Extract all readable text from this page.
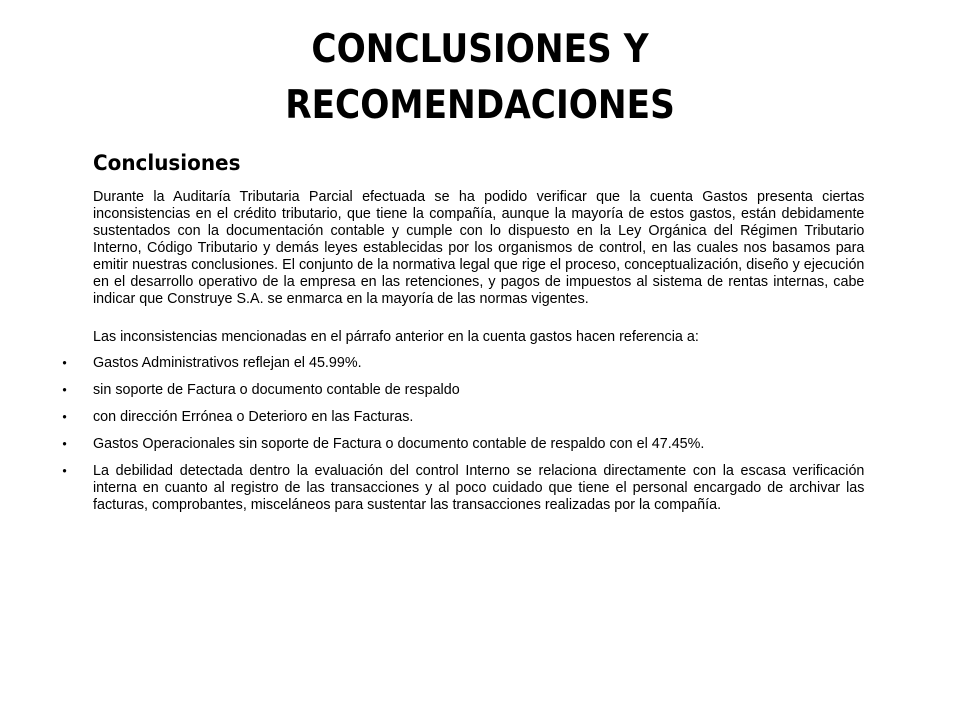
CONCLUSIONES Y
RECOMENDACIONES
Conclusiones

Durante la Auditaría Tributaria Parcial efectuada se ha podido verificar que la cuenta Gastos presenta ciertas inconsistencias en el crédito tributario, que tiene la compañía, aunque la mayoría de estos gastos, están debidamente sustentados con la documentación contable y cumple con lo dispuesto en la Ley Orgánica del Régimen Tributario Interno, Código Tributario y demás leyes establecidas por los organismos de control, en las cuales nos basamos para emitir nuestras conclusiones. El conjunto de la normativa legal que rige el proceso, conceptualización, diseño y ejecución en el desarrollo operativo de la empresa en las retenciones, y pagos de impuestos al sistema de rentas internas, cabe indicar que Construye S.A. se enmarca en la mayoría de las normas vigentes.

Las inconsistencias mencionadas en el párrafo anterior en la cuenta gastos hacen referencia a:

• Gastos Administrativos reflejan el 45.99%.
• sin soporte de Factura o documento contable de respaldo
• con dirección Errónea o Deterioro en las Facturas.
• Gastos Operacionales sin soporte de Factura o documento contable de respaldo con el 47.45%.
• La debilidad detectada dentro la evaluación del control Interno se relaciona directamente con la escasa verificación interna en cuanto al registro de las transacciones y al poco cuidado que tiene el personal encargado de archivar las facturas, comprobantes, misceláneos para sustentar las transacciones realizadas por la compañía.
